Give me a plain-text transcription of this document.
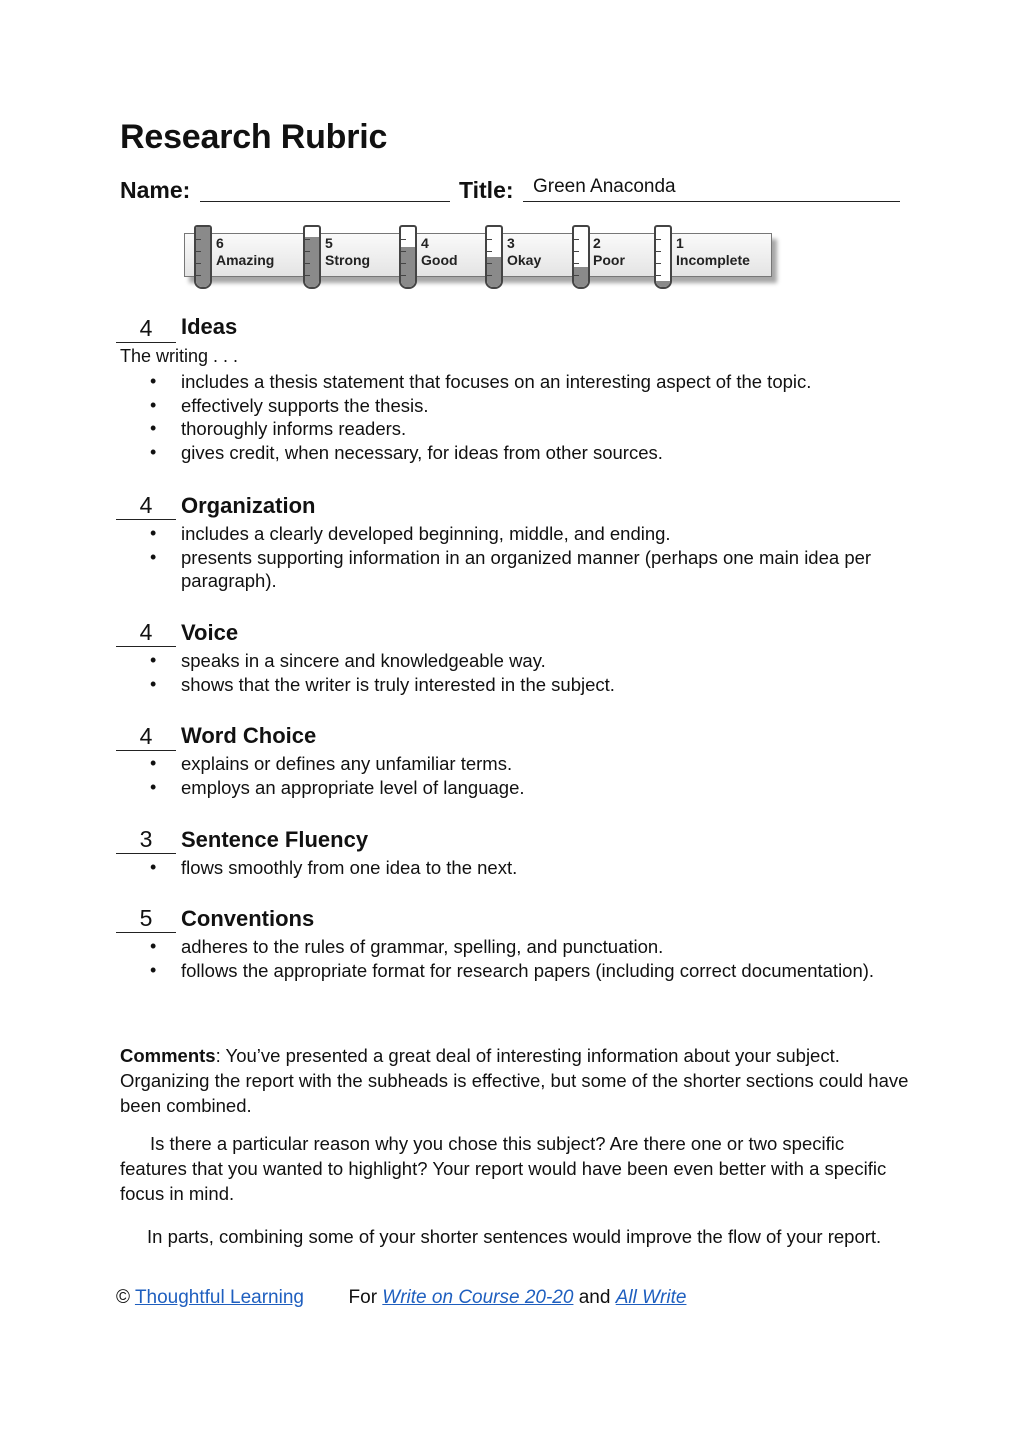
Research Rubric
Name:	Title: Green Anaconda
6
Amazing
5
Strong
4
Good
3
Okay
2
Poor
1
Incomplete
4	Ideas
The writing . . .
• includes a thesis statement that focuses on an interesting aspect of the topic.
• effectively supports the thesis.
• thoroughly informs readers.
• gives credit, when necessary, for ideas from other sources.
4	Organization
• includes a clearly developed beginning, middle, and ending.
• presents supporting information in an organized manner (perhaps one main idea per paragraph).
4	Voice
• speaks in a sincere and knowledgeable way.
• shows that the writer is truly interested in the subject.
4	Word Choice
• explains or defines any unfamiliar terms.
• employs an appropriate level of language.
3	Sentence Fluency
• flows smoothly from one idea to the next.
5	Conventions
• adheres to the rules of grammar, spelling, and punctuation.
• follows the appropriate format for research papers (including correct documentation).

Comments: You’ve presented a great deal of interesting information about your subject. Organizing the report with the subheads is effective, but some of the shorter sections could have been combined.

Is there a particular reason why you chose this subject? Are there one or two specific features that you wanted to highlight? Your report would have been even better with a specific focus in mind.
In parts, combining some of your shorter sentences would improve the flow of your report.
© Thoughtful Learning For Write on Course 20-20 and All Write
